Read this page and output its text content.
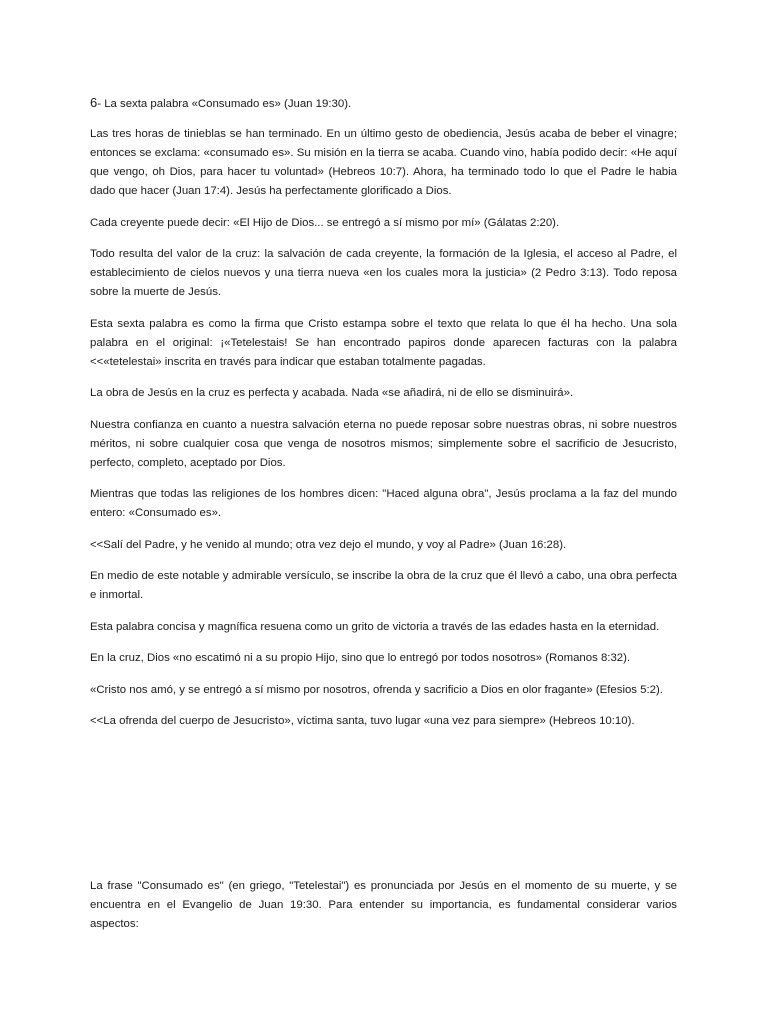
6- La sexta palabra «Consumado es» (Juan 19:30).

Las tres horas de tinieblas se han terminado. En un último gesto de obediencia, Jesús acaba de beber el vinagre; entonces se exclama: «consumado es». Su misión en la tierra se acaba. Cuando vino, había podido decir: «He aquí que vengo, oh Dios, para hacer tu voluntad» (Hebreos 10:7). Ahora, ha terminado todo lo que el Padre le habia dado que hacer (Juan 17:4). Jesús ha perfectamente glorificado a Dios.

Cada creyente puede decir: «El Hijo de Dios... se entregó a sí mismo por mí» (Gálatas 2:20).

Todo resulta del valor de la cruz: la salvación de cada creyente, la formación de la Iglesia, el acceso al Padre, el establecimiento de cielos nuevos y una tierra nueva «en los cuales mora la justicia» (2 Pedro 3:13). Todo reposa sobre la muerte de Jesús.

Esta sexta palabra es como la firma que Cristo estampa sobre el texto que relata lo que él ha hecho. Una sola palabra en el original: ¡«Tetelestais! Se han encontrado papiros donde aparecen facturas con la palabra <<«tetelestai» inscrita en través para indicar que estaban totalmente pagadas.

La obra de Jesús en la cruz es perfecta y acabada. Nada «se añadirá, ni de ello se disminuirá».

Nuestra confianza en cuanto a nuestra salvación eterna no puede reposar sobre nuestras obras, ni sobre nuestros méritos, ni sobre cualquier cosa que venga de nosotros mismos; simplemente sobre el sacrificio de Jesucristo, perfecto, completo, aceptado por Dios.

Mientras que todas las religiones de los hombres dicen: "Haced alguna obra", Jesús proclama a la faz del mundo entero: «Consumado es».

<<Salí del Padre, y he venido al mundo; otra vez dejo el mundo, y voy al Padre» (Juan 16:28).

En medio de este notable y admirable versículo, se inscribe la obra de la cruz que él llevó a cabo, una obra perfecta e inmortal.

Esta palabra concisa y magnífica resuena como un grito de victoria a través de las edades hasta en la eternidad.

En la cruz, Dios «no escatimó ni a su propio Hijo, sino que lo entregó por todos nosotros» (Romanos 8:32).

«Cristo nos amó, y se entregó a sí mismo por nosotros, ofrenda y sacrificio a Dios en olor fragante» (Efesios 5:2).

<<La ofrenda del cuerpo de Jesucristo», víctima santa, tuvo lugar «una vez para siempre» (Hebreos 10:10).

La frase "Consumado es" (en griego, "Tetelestai") es pronunciada por Jesús en el momento de su muerte, y se encuentra en el Evangelio de Juan 19:30. Para entender su importancia, es fundamental considerar varios aspectos:
